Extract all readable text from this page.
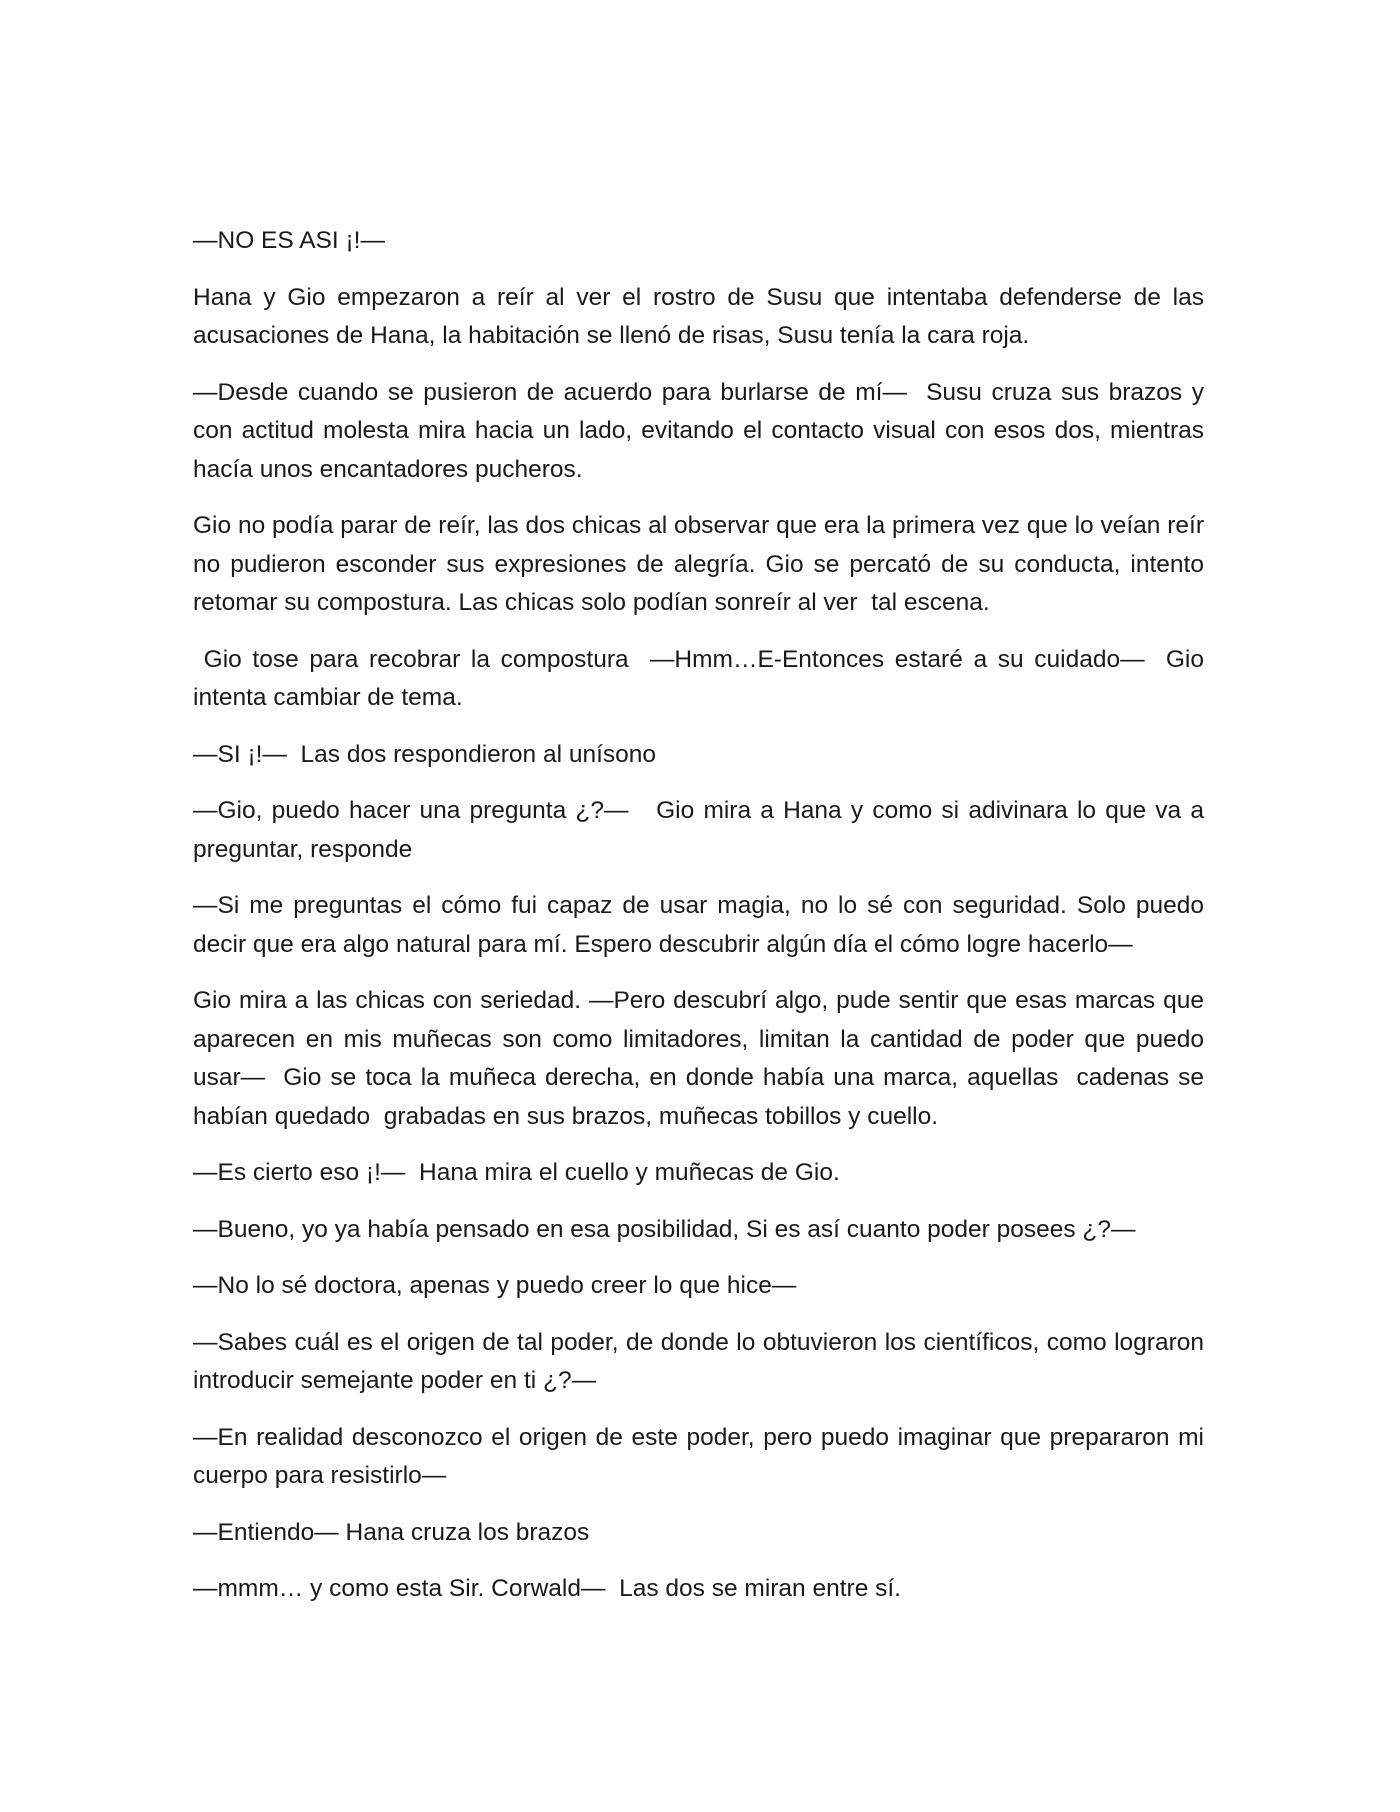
—NO ES ASI ¡!—

Hana y Gio empezaron a reír al ver el rostro de Susu que intentaba defenderse de las acusaciones de Hana, la habitación se llenó de risas, Susu tenía la cara roja.

—Desde cuando se pusieron de acuerdo para burlarse de mí—  Susu cruza sus brazos y con actitud molesta mira hacia un lado, evitando el contacto visual con esos dos, mientras hacía unos encantadores pucheros.

Gio no podía parar de reír, las dos chicas al observar que era la primera vez que lo veían reír no pudieron esconder sus expresiones de alegría. Gio se percató de su conducta, intento retomar su compostura. Las chicas solo podían sonreír al ver  tal escena.

Gio tose para recobrar la compostura  —Hmm…E-Entonces estaré a su cuidado—  Gio intenta cambiar de tema.

—SI ¡!—  Las dos respondieron al unísono

—Gio, puedo hacer una pregunta ¿?—   Gio mira a Hana y como si adivinara lo que va a preguntar, responde

—Si me preguntas el cómo fui capaz de usar magia, no lo sé con seguridad. Solo puedo decir que era algo natural para mí. Espero descubrir algún día el cómo logre hacerlo—

Gio mira a las chicas con seriedad. —Pero descubrí algo, pude sentir que esas marcas que aparecen en mis muñecas son como limitadores, limitan la cantidad de poder que puedo usar—  Gio se toca la muñeca derecha, en donde había una marca, aquellas  cadenas se habían quedado  grabadas en sus brazos, muñecas tobillos y cuello.

—Es cierto eso ¡!—  Hana mira el cuello y muñecas de Gio.

—Bueno, yo ya había pensado en esa posibilidad, Si es así cuanto poder posees ¿?—

—No lo sé doctora, apenas y puedo creer lo que hice—

—Sabes cuál es el origen de tal poder, de donde lo obtuvieron los científicos, como lograron introducir semejante poder en ti ¿?—

—En realidad desconozco el origen de este poder, pero puedo imaginar que prepararon mi cuerpo para resistirlo—

—Entiendo— Hana cruza los brazos

—mmm… y como esta Sir. Corwald—  Las dos se miran entre sí.
